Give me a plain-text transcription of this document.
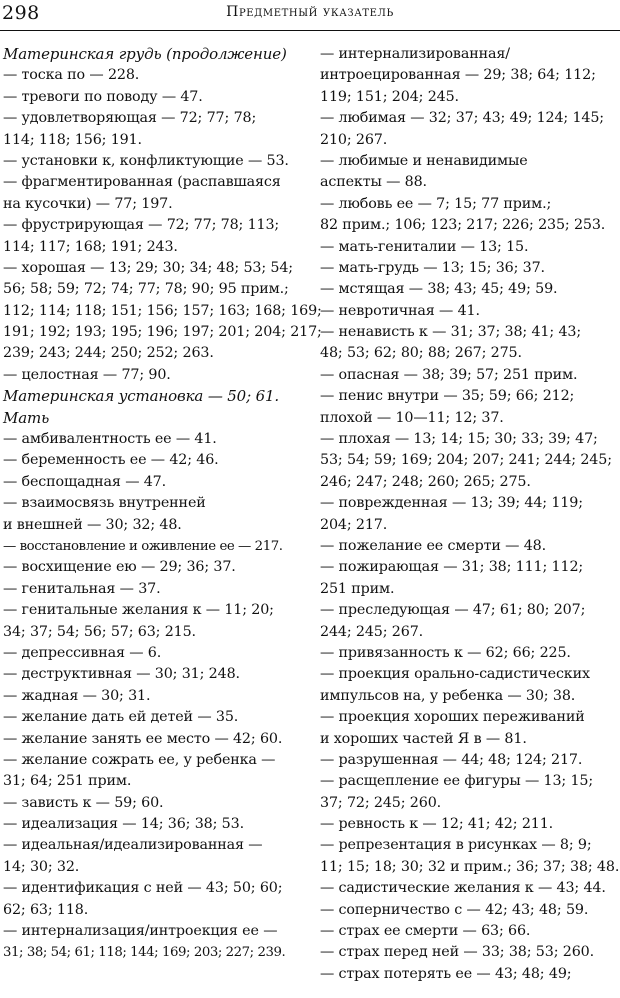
298	Предметный указатель
Материнская грудь (продолжение)
— тоска по — 228.
— тревоги по поводу — 47.
— удовлетворяющая — 72; 77; 78;
114; 118; 156; 191.
— установки к, конфликтующие — 53.
— фрагментированная (распавшаяся
на кусочки) — 77; 197.
— фрустрирующая — 72; 77; 78; 113;
114; 117; 168; 191; 243.
— хорошая — 13; 29; 30; 34; 48; 53; 54;
56; 58; 59; 72; 74; 77; 78; 90; 95 прим.;
112; 114; 118; 151; 156; 157; 163; 168; 169;
191; 192; 193; 195; 196; 197; 201; 204; 217;
239; 243; 244; 250; 252; 263.
— целостная — 77; 90.
Материнская установка — 50; 61.
Мать
— амбивалентность ее — 41.
— беременность ее — 42; 46.
— беспощадная — 47.
— взаимосвязь внутренней
и внешней — 30; 32; 48.
— восстановление и оживление ее — 217.
— восхищение ею — 29; 36; 37.
— генитальная — 37.
— генитальные желания к — 11; 20;
34; 37; 54; 56; 57; 63; 215.
— депрессивная — 6.
— деструктивная — 30; 31; 248.
— жадная — 30; 31.
— желание дать ей детей — 35.
— желание занять ее место — 42; 60.
— желание сожрать ее, у ребенка —
31; 64; 251 прим.
— зависть к — 59; 60.
— идеализация — 14; 36; 38; 53.
— идеальная/идеализированная —
14; 30; 32.
— идентификация с ней — 43; 50; 60;
62; 63; 118.
— интернализация/интроекция ее —
31; 38; 54; 61; 118; 144; 169; 203; 227; 239.
— интернализированная/
интроецированная — 29; 38; 64; 112;
119; 151; 204; 245.
— любимая — 32; 37; 43; 49; 124; 145;
210; 267.
— любимые и ненавидимые
аспекты — 88.
— любовь ее — 7; 15; 77 прим.;
82 прим.; 106; 123; 217; 226; 235; 253.
— мать-гениталии — 13; 15.
— мать-грудь — 13; 15; 36; 37.
— мстящая — 38; 43; 45; 49; 59.
— невротичная — 41.
— ненависть к — 31; 37; 38; 41; 43;
48; 53; 62; 80; 88; 267; 275.
— опасная — 38; 39; 57; 251 прим.
— пенис внутри — 35; 59; 66; 212;
плохой — 10—11; 12; 37.
— плохая — 13; 14; 15; 30; 33; 39; 47;
53; 54; 59; 169; 204; 207; 241; 244; 245;
246; 247; 248; 260; 265; 275.
— поврежденная — 13; 39; 44; 119;
204; 217.
— пожелание ее смерти — 48.
— пожирающая — 31; 38; 111; 112;
251 прим.
— преследующая — 47; 61; 80; 207;
244; 245; 267.
— привязанность к — 62; 66; 225.
— проекция орально-садистических
импульсов на, у ребенка — 30; 38.
— проекция хороших переживаний
и хороших частей Я в — 81.
— разрушенная — 44; 48; 124; 217.
— расщепление ее фигуры — 13; 15;
37; 72; 245; 260.
— ревность к — 12; 41; 42; 211.
— репрезентация в рисунках — 8; 9;
11; 15; 18; 30; 32 и прим.; 36; 37; 38; 48.
— садистические желания к — 43; 44.
— соперничество с — 42; 43; 48; 59.
— страх ее смерти — 63; 66.
— страх перед ней — 33; 38; 53; 260.
— страх потерять ее — 43; 48; 49;
